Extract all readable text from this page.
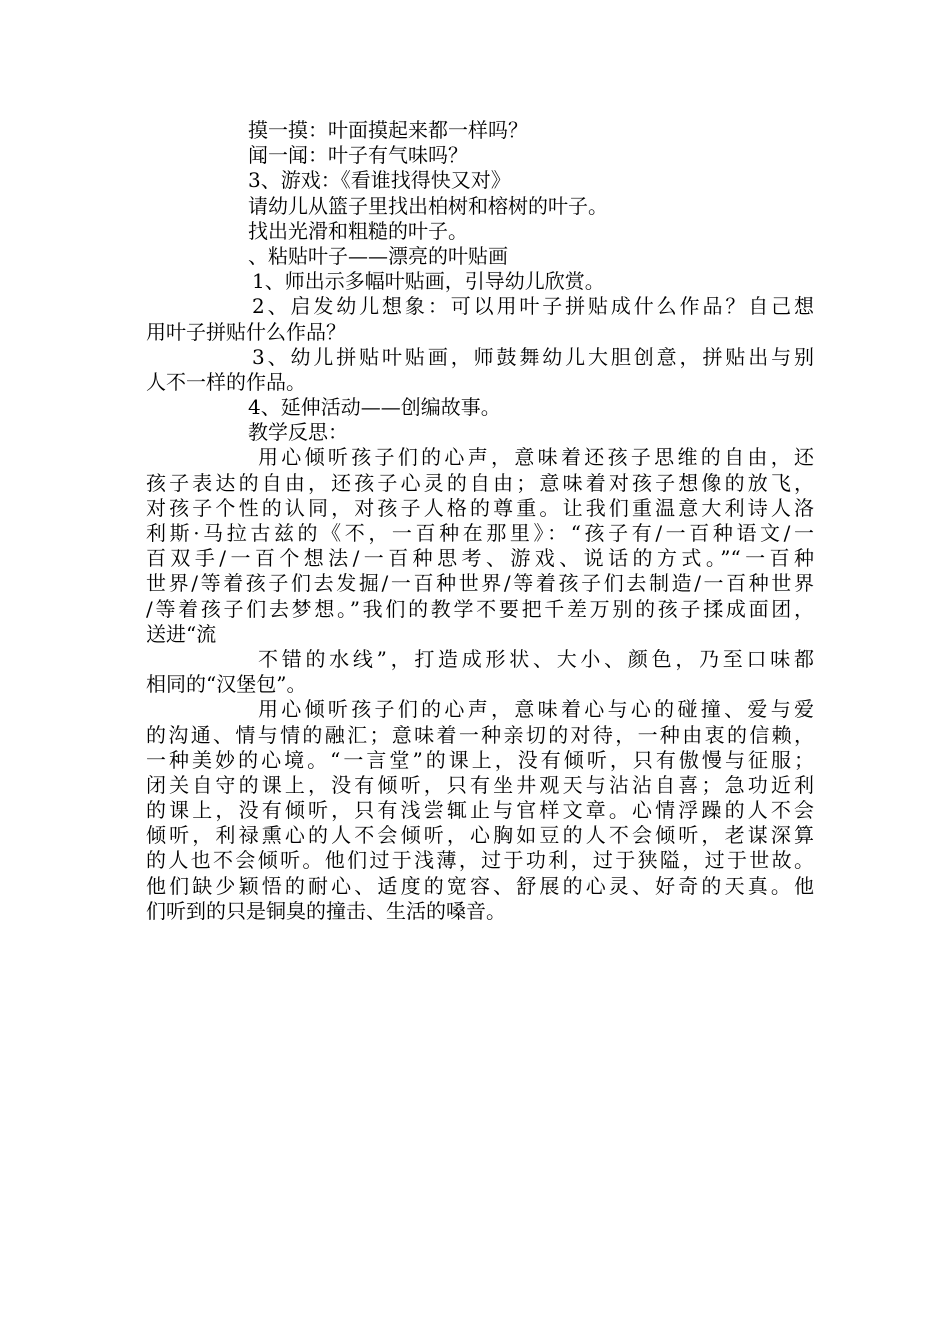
摸一摸：叶面摸起来都一样吗？
闻一闻：叶子有气味吗？
3、游戏：《看谁找得快又对》
请幼儿从篮子里找出柏树和榕树的叶子。
找出光滑和粗糙的叶子。
、粘贴叶子——漂亮的叶贴画
1、师出示多幅叶贴画，引导幼儿欣赏。
2、启发幼儿想象：可以用叶子拼贴成什么作品？自己想
用叶子拼贴什么作品？
3、幼儿拼贴叶贴画，师鼓舞幼儿大胆创意，拼贴出与别
人不一样的作品。
4、延伸活动——创编故事。
教学反思：
用心倾听孩子们的心声，意味着还孩子思维的自由，还
孩子表达的自由，还孩子心灵的自由；意味着对孩子想像的放飞，
对孩子个性的认同，对孩子人格的尊重。让我们重温意大利诗人洛
利斯·马拉古兹的《不，一百种在那里》：“孩子有/一百种语文/一
百双手/一百个想法/一百种思考、游戏、说话的方式。”“一百种
世界/等着孩子们去发掘/一百种世界/等着孩子们去制造/一百种世界
/等着孩子们去梦想。”我们的教学不要把千差万别的孩子揉成面团，
送进“流
不错的水线”，打造成形状、大小、颜色，乃至口味都
相同的“汉堡包”。
用心倾听孩子们的心声，意味着心与心的碰撞、爱与爱
的沟通、情与情的融汇；意味着一种亲切的对待，一种由衷的信赖，
一种美妙的心境。“一言堂”的课上，没有倾听，只有傲慢与征服；
闭关自守的课上，没有倾听，只有坐井观天与沾沾自喜；急功近利
的课上，没有倾听，只有浅尝辄止与官样文章。心情浮躁的人不会
倾听，利禄熏心的人不会倾听，心胸如豆的人不会倾听，老谋深算
的人也不会倾听。他们过于浅薄，过于功利，过于狭隘，过于世故。
他们缺少颖悟的耐心、适度的宽容、舒展的心灵、好奇的天真。他
们听到的只是铜臭的撞击、生活的嗓音。
